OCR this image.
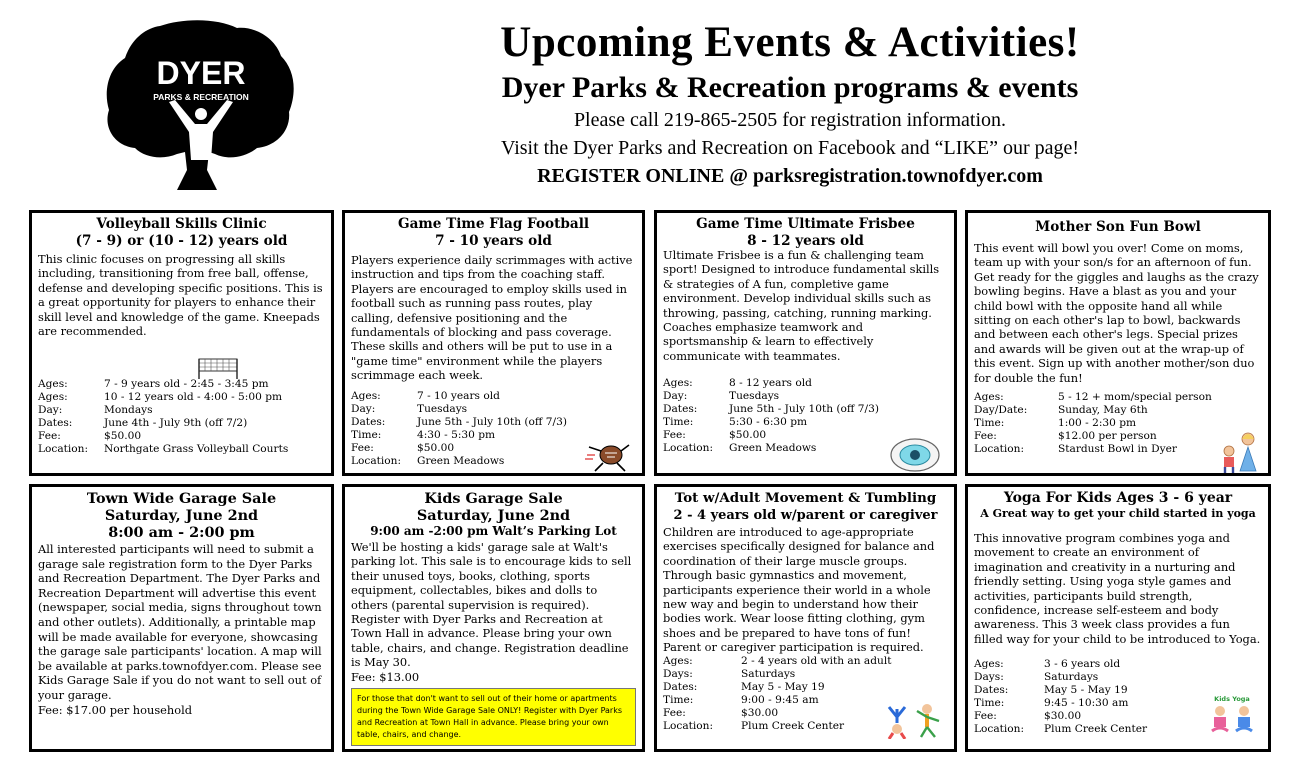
DYER
PARKS & RECREATION
Upcoming Events & Activities!
Dyer Parks & Recreation programs & events
Please call 219-865-2505 for registration information.
Visit the Dyer Parks and Recreation on Facebook and “LIKE” our page!
REGISTER ONLINE @ parksregistration.townofdyer.com
Volleyball Skills Clinic
(7 - 9) or (10 - 12) years old
This clinic focuses on progressing all skills including, transitioning from free ball, offense, defense and developing specific positions. This is a great opportunity for players to enhance their skill level and knowledge of the game. Kneepads are recommended.
Ages:	7 - 9 years old - 2:45 - 3:45 pm
Ages:	10 - 12 years old - 4:00 - 5:00 pm
Day:	Mondays
Dates:	June 4th - July 9th (off 7/2)
Fee:	$50.00
Location:	Northgate Grass Volleyball Courts
Game Time Flag Football
7 - 10 years old
Players experience daily scrimmages with active instruction and tips from the coaching staff. Players are encouraged to employ skills used in football such as running pass routes, play calling, defensive positioning and the fundamentals of blocking and pass coverage. These skills and others will be put to use in a "game time" environment while the players scrimmage each week.
Ages:	7 - 10 years old
Day:	Tuesdays
Dates:	June 5th - July 10th (off 7/3)
Time:	4:30 - 5:30 pm
Fee:	$50.00
Location:	Green Meadows
Game Time Ultimate Frisbee
8 - 12 years old
Ultimate Frisbee is a fun & challenging team sport! Designed to introduce fundamental skills & strategies of A fun, completive game environment. Develop individual skills such as throwing, passing, catching, running marking. Coaches emphasize teamwork and sportsmanship & learn to effectively communicate with teammates.
Ages:	8 - 12 years old
Day:	Tuesdays
Dates:	June 5th - July 10th (off 7/3)
Time:	5:30 - 6:30 pm
Fee:	$50.00
Location:	Green Meadows
Mother Son Fun Bowl
This event will bowl you over! Come on moms, team up with your son/s for an afternoon of fun. Get ready for the giggles and laughs as the crazy bowling begins. Have a blast as you and your child bowl with the opposite hand all while sitting on each other's lap to bowl, backwards and between each other's legs. Special prizes and awards will be given out at the wrap-up of this event. Sign up with another mother/son duo for double the fun!
Ages:	5 - 12 + mom/special person
Day/Date:	Sunday, May 6th
Time:	1:00 - 2:30 pm
Fee:	$12.00 per person
Location:	Stardust Bowl in Dyer
Town Wide Garage Sale
Saturday, June 2nd
8:00 am - 2:00 pm
All interested participants will need to submit a garage sale registration form to the Dyer Parks and Recreation Department. The Dyer Parks and Recreation Department will advertise this event (newspaper, social media, signs throughout town and other outlets). Additionally, a printable map will be made available for everyone, showcasing the garage sale participants' location. A map will be available at parks.townofdyer.com. Please see Kids Garage Sale if you do not want to sell out of your garage.
Fee: $17.00 per household
Kids Garage Sale
Saturday, June 2nd
9:00 am -2:00 pm Walt’s Parking Lot
We'll be hosting a kids' garage sale at Walt's parking lot. This sale is to encourage kids to sell their unused toys, books, clothing, sports equipment, collectables, bikes and dolls to others (parental supervision is required). Register with Dyer Parks and Recreation at Town Hall in advance. Please bring your own table, chairs, and change. Registration deadline is May 30.
Fee: $13.00
For those that don't want to sell out of their home or apartments during the Town Wide Garage Sale ONLY! Register with Dyer Parks and Recreation at Town Hall in advance. Please bring your own table, chairs, and change.
Tot w/Adult Movement & Tumbling
2 - 4 years old w/parent or caregiver
Children are introduced to age-appropriate exercises specifically designed for balance and coordination of their large muscle groups. Through basic gymnastics and movement, participants experience their world in a whole new way and begin to understand how their bodies work. Wear loose fitting clothing, gym shoes and be prepared to have tons of fun! Parent or caregiver participation is required.
Ages:	2 - 4 years old with an adult
Days:	Saturdays
Dates:	May 5 - May 19
Time:	9:00 - 9:45 am
Fee:	$30.00
Location:	Plum Creek Center
Yoga For Kids Ages 3 - 6 year
A Great way to get your child started in yoga
This innovative program combines yoga and movement to create an environment of imagination and creativity in a nurturing and friendly setting. Using yoga style games and activities, participants build strength, confidence, increase self-esteem and body awareness. This 3 week class provides a fun filled way for your child to be introduced to Yoga.
Ages:	3 - 6 years old
Days:	Saturdays
Dates:	May 5 - May 19
Time:	9:45 - 10:30 am
Fee:	$30.00
Location:	Plum Creek Center
Kids Yoga
